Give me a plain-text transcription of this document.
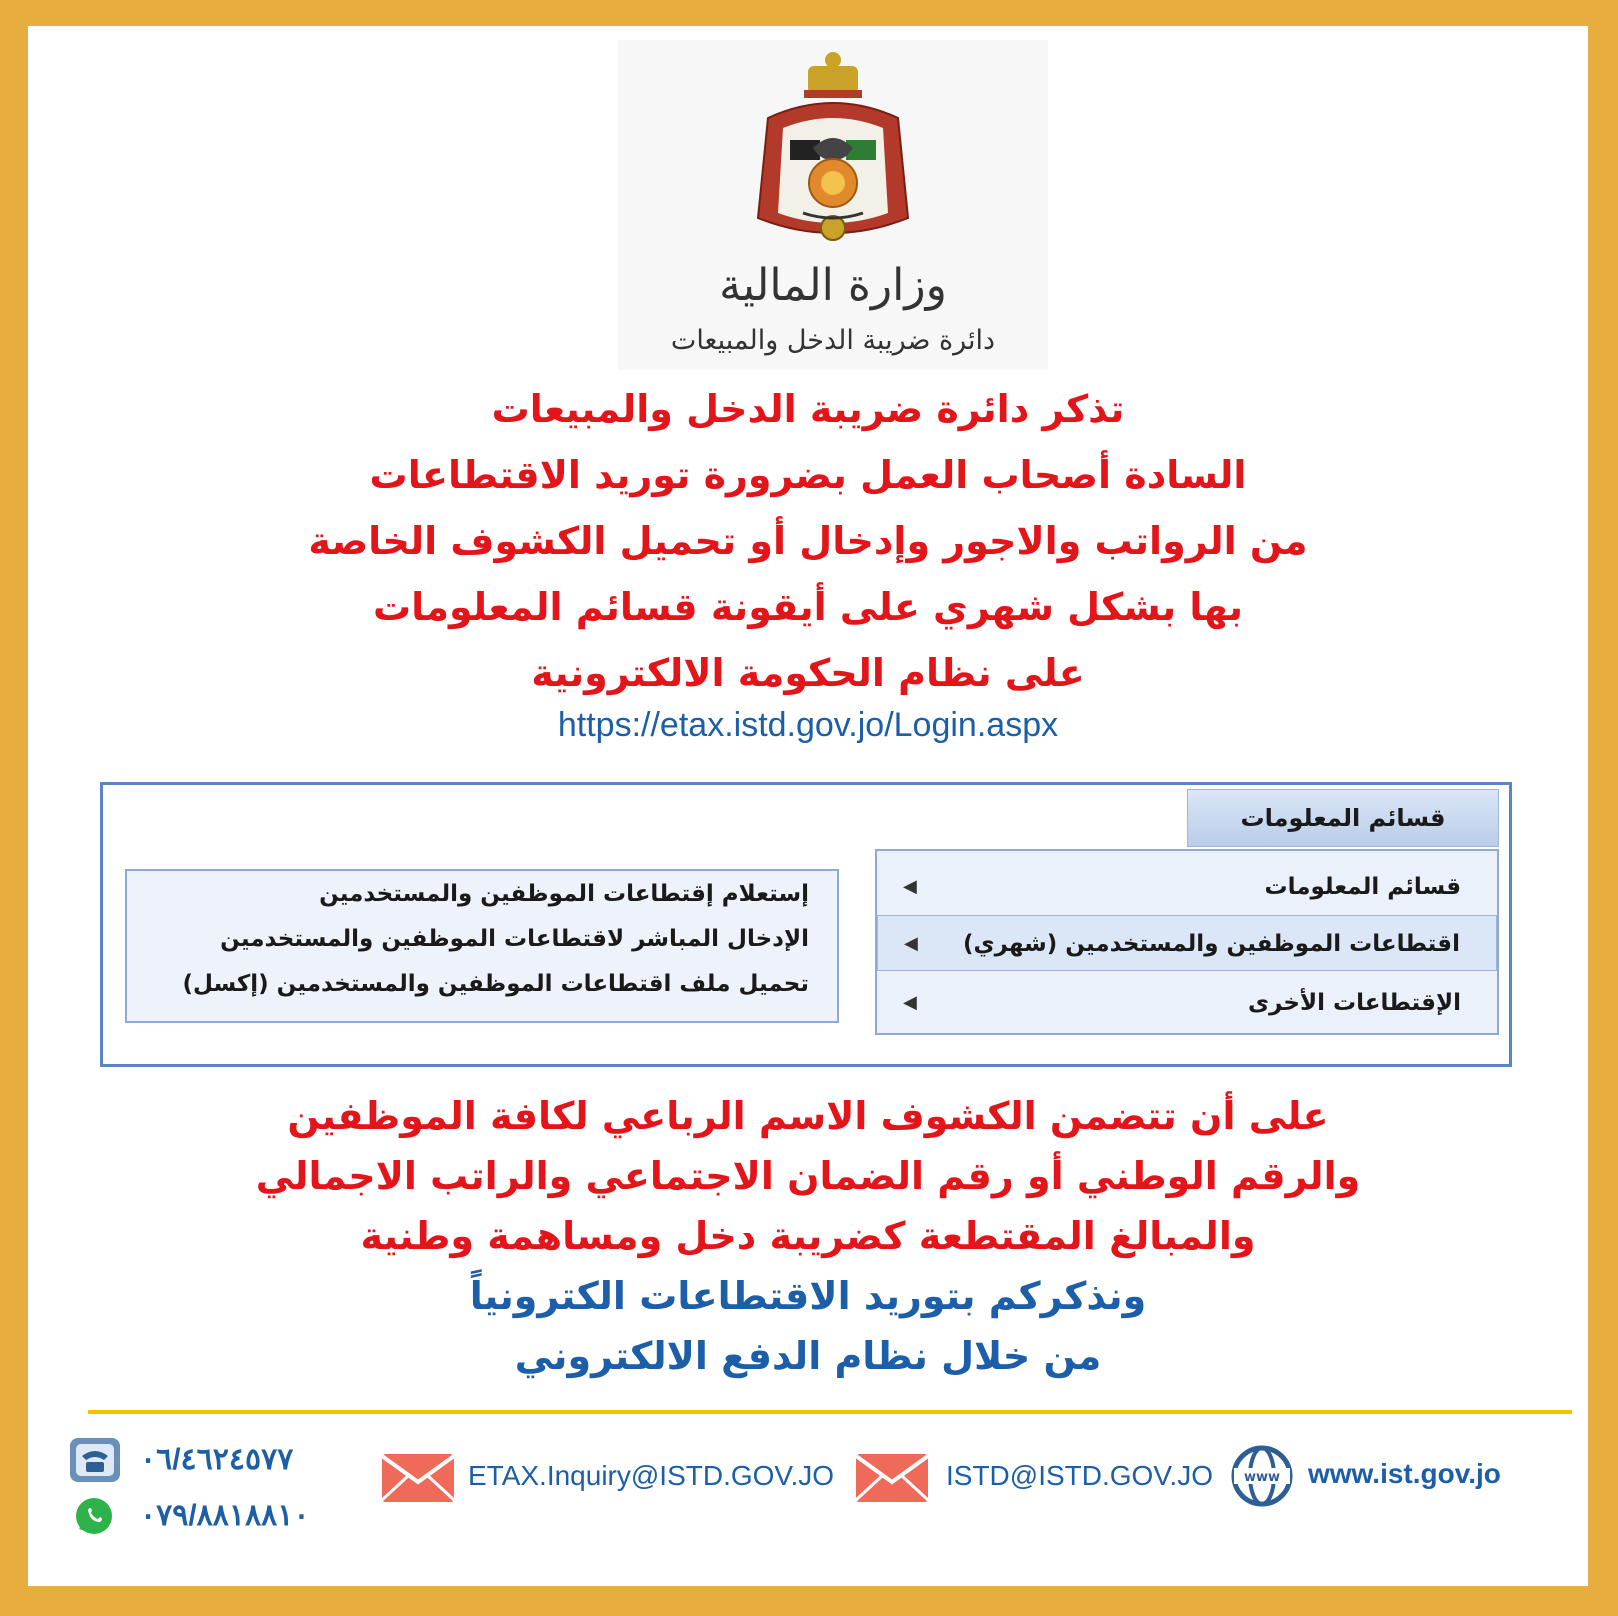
وزارة المالية
دائرة ضريبة الدخل والمبيعات
تذكر دائرة ضريبة الدخل والمبيعات
السادة أصحاب العمل بضرورة توريد الاقتطاعات
من الرواتب والاجور وإدخال أو تحميل الكشوف الخاصة
بها بشكل شهري على أيقونة قسائم المعلومات
على نظام الحكومة الالكترونية
https://etax.istd.gov.jo/Login.aspx
قسائم المعلومات
قسائم المعلومات
◀
اقتطاعات الموظفين والمستخدمين (شهري)
◀
الإقتطاعات الأخرى
◀
إستعلام إقتطاعات الموظفين والمستخدمين
الإدخال المباشر لاقتطاعات الموظفين والمستخدمين
تحميل ملف اقتطاعات الموظفين والمستخدمين (إكسل)
على أن تتضمن الكشوف الاسم الرباعي لكافة الموظفين
والرقم الوطني أو رقم الضمان الاجتماعي والراتب الاجمالي
والمبالغ المقتطعة كضريبة دخل ومساهمة وطنية
ونذكركم بتوريد الاقتطاعات الكترونياً
من خلال نظام الدفع الالكتروني
٠٦/٤٦٢٤٥٧٧
٠٧٩/٨٨١٨٨١٠
ETAX.Inquiry@ISTD.GOV.JO	ISTD@ISTD.GOV.JO www www.ist.gov.jo
